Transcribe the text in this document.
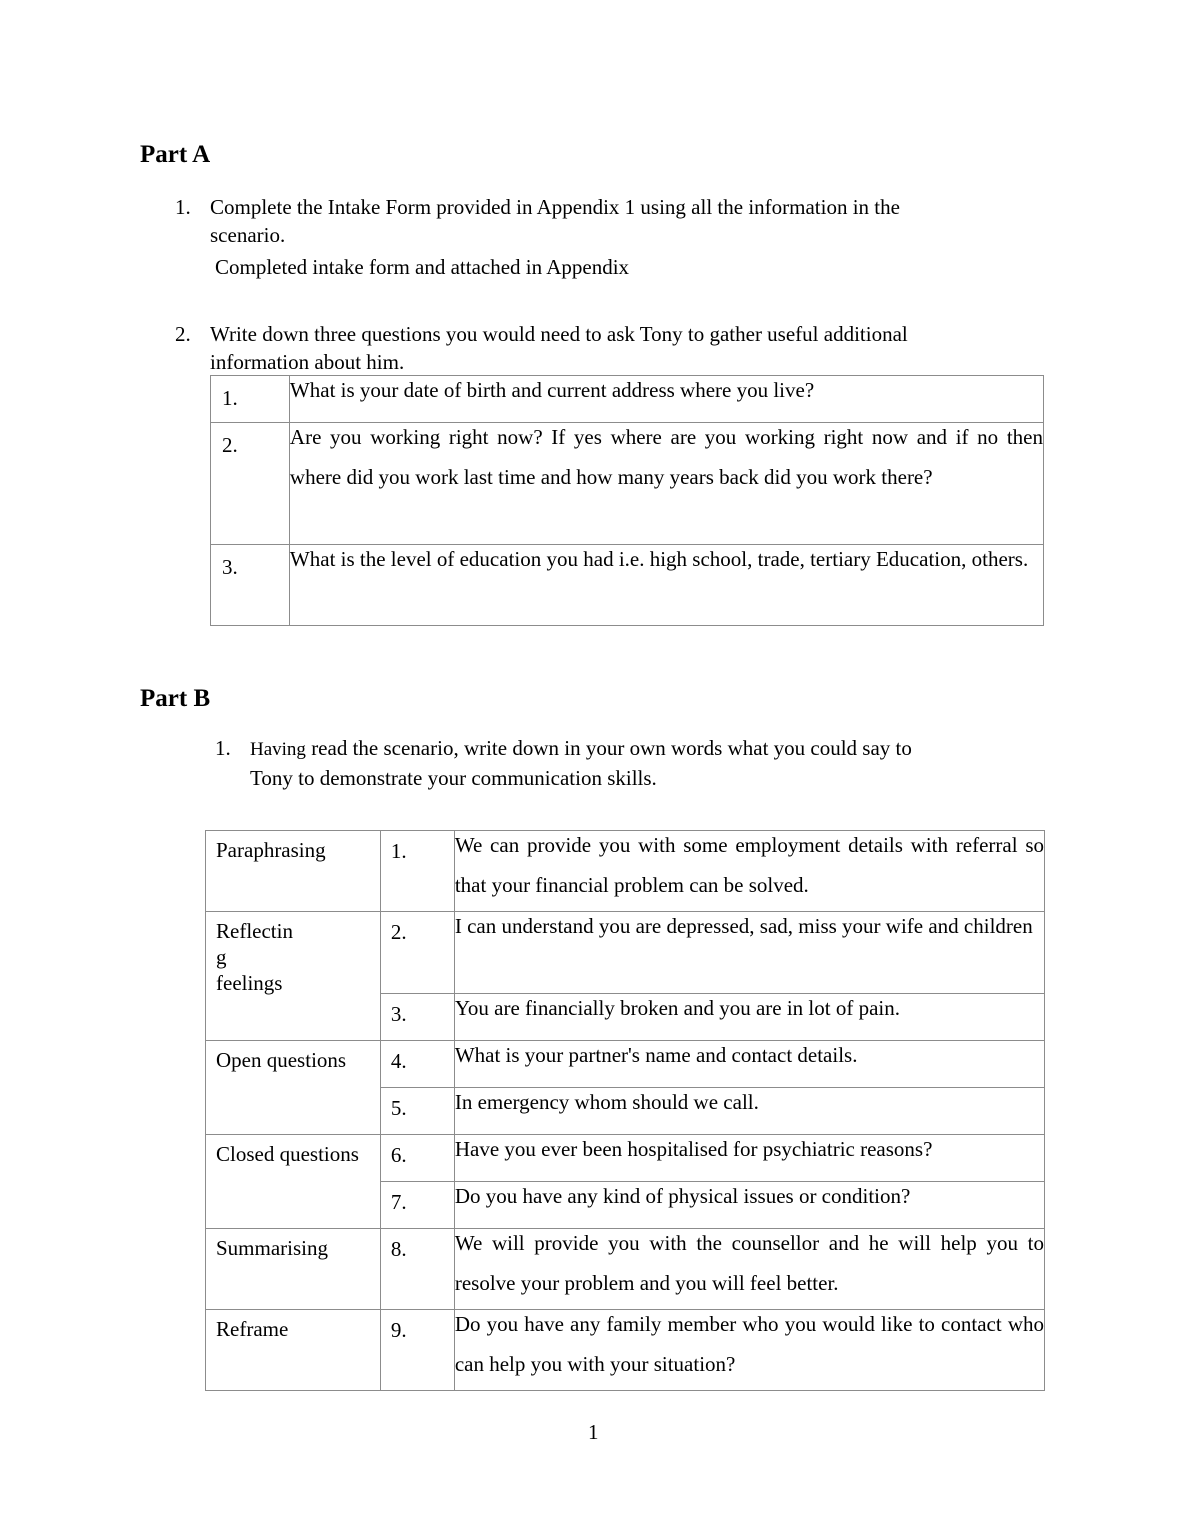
Part A
1. Complete the Intake Form provided in Appendix 1 using all the information in the

scenario.

Completed intake form and attached in Appendix

2. Write down three questions you would need to ask Tony to gather useful additional

information about him.

1.	What is your date of birth and current address where you live?

2.	Are you working right now? If yes where are you working right now and if no then where did you work last time and how many years back did you work there?

3.	What is the level of education you had i.e. high school, trade, tertiary Education, others.
Part B
1. Having read the scenario, write down in your own words what you could say to

Tony to demonstrate your communication skills.

Paraphrasing	1.	We can provide you with some employment details with referral so that your financial problem can be solved.

Reflectin
g
feelings	2.	I can understand you are depressed, sad, miss your wife and children

	3.	You are financially broken and you are in lot of pain.

Open questions	4.	What is your partner's name and contact details.

	5.	In emergency whom should we call.

Closed questions	6.	Have you ever been hospitalised for psychiatric reasons?

	7.	Do you have any kind of physical issues or condition?

Summarising	8.	We will provide you with the counsellor and he will help you to resolve your problem and you will feel better.

Reframe	9.	Do you have any family member who you would like to contact who can help you with your situation?
1
